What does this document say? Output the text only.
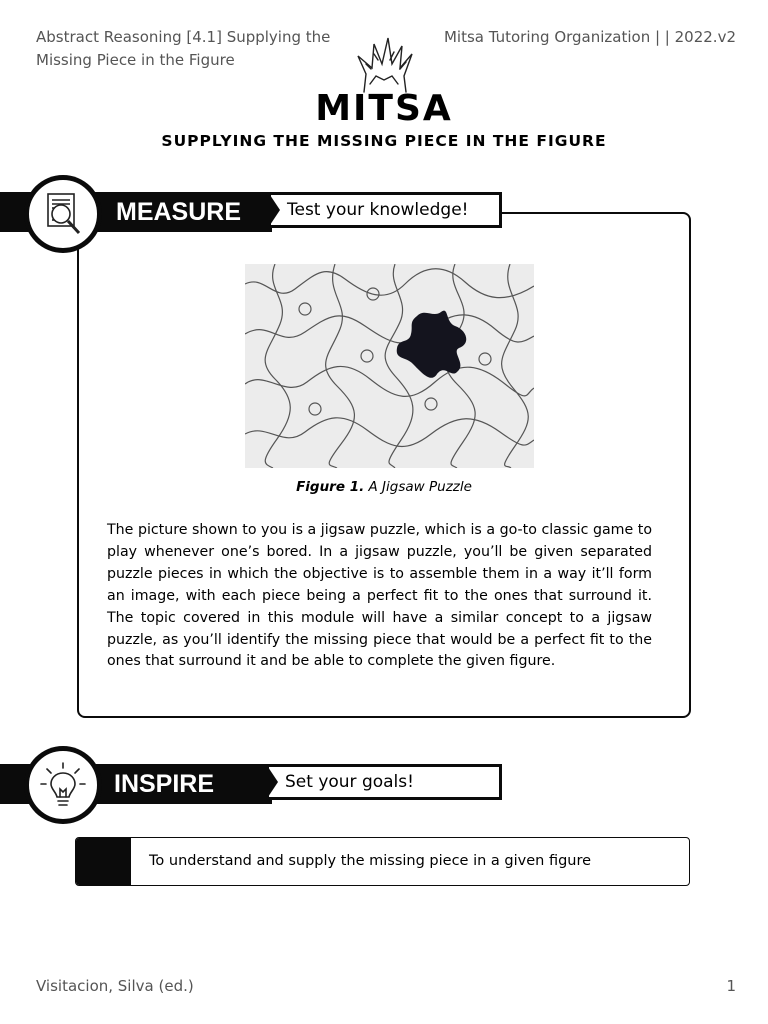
Abstract Reasoning [4.1] Supplying the Missing Piece in the Figure
Mitsa Tutoring Organization | | 2022.v2
MITSA
SUPPLYING THE MISSING PIECE IN THE FIGURE
Test your knowledge!
MEASURE
Figure 1. A Jigsaw Puzzle
The picture shown to you is a jigsaw puzzle, which is a go-to classic game to play whenever one’s bored. In a jigsaw puzzle, you’ll be given separated puzzle pieces in which the objective is to assemble them in a way it’ll form an image, with each piece being a perfect fit to the ones that surround it. The topic covered in this module will have a similar concept to a jigsaw puzzle, as you’ll identify the missing piece that would be a perfect fit to the ones that surround it and be able to complete the given figure.
Set your goals!
INSPIRE
To understand and supply the missing piece in a given figure
Visitacion, Silva (ed.)	1
